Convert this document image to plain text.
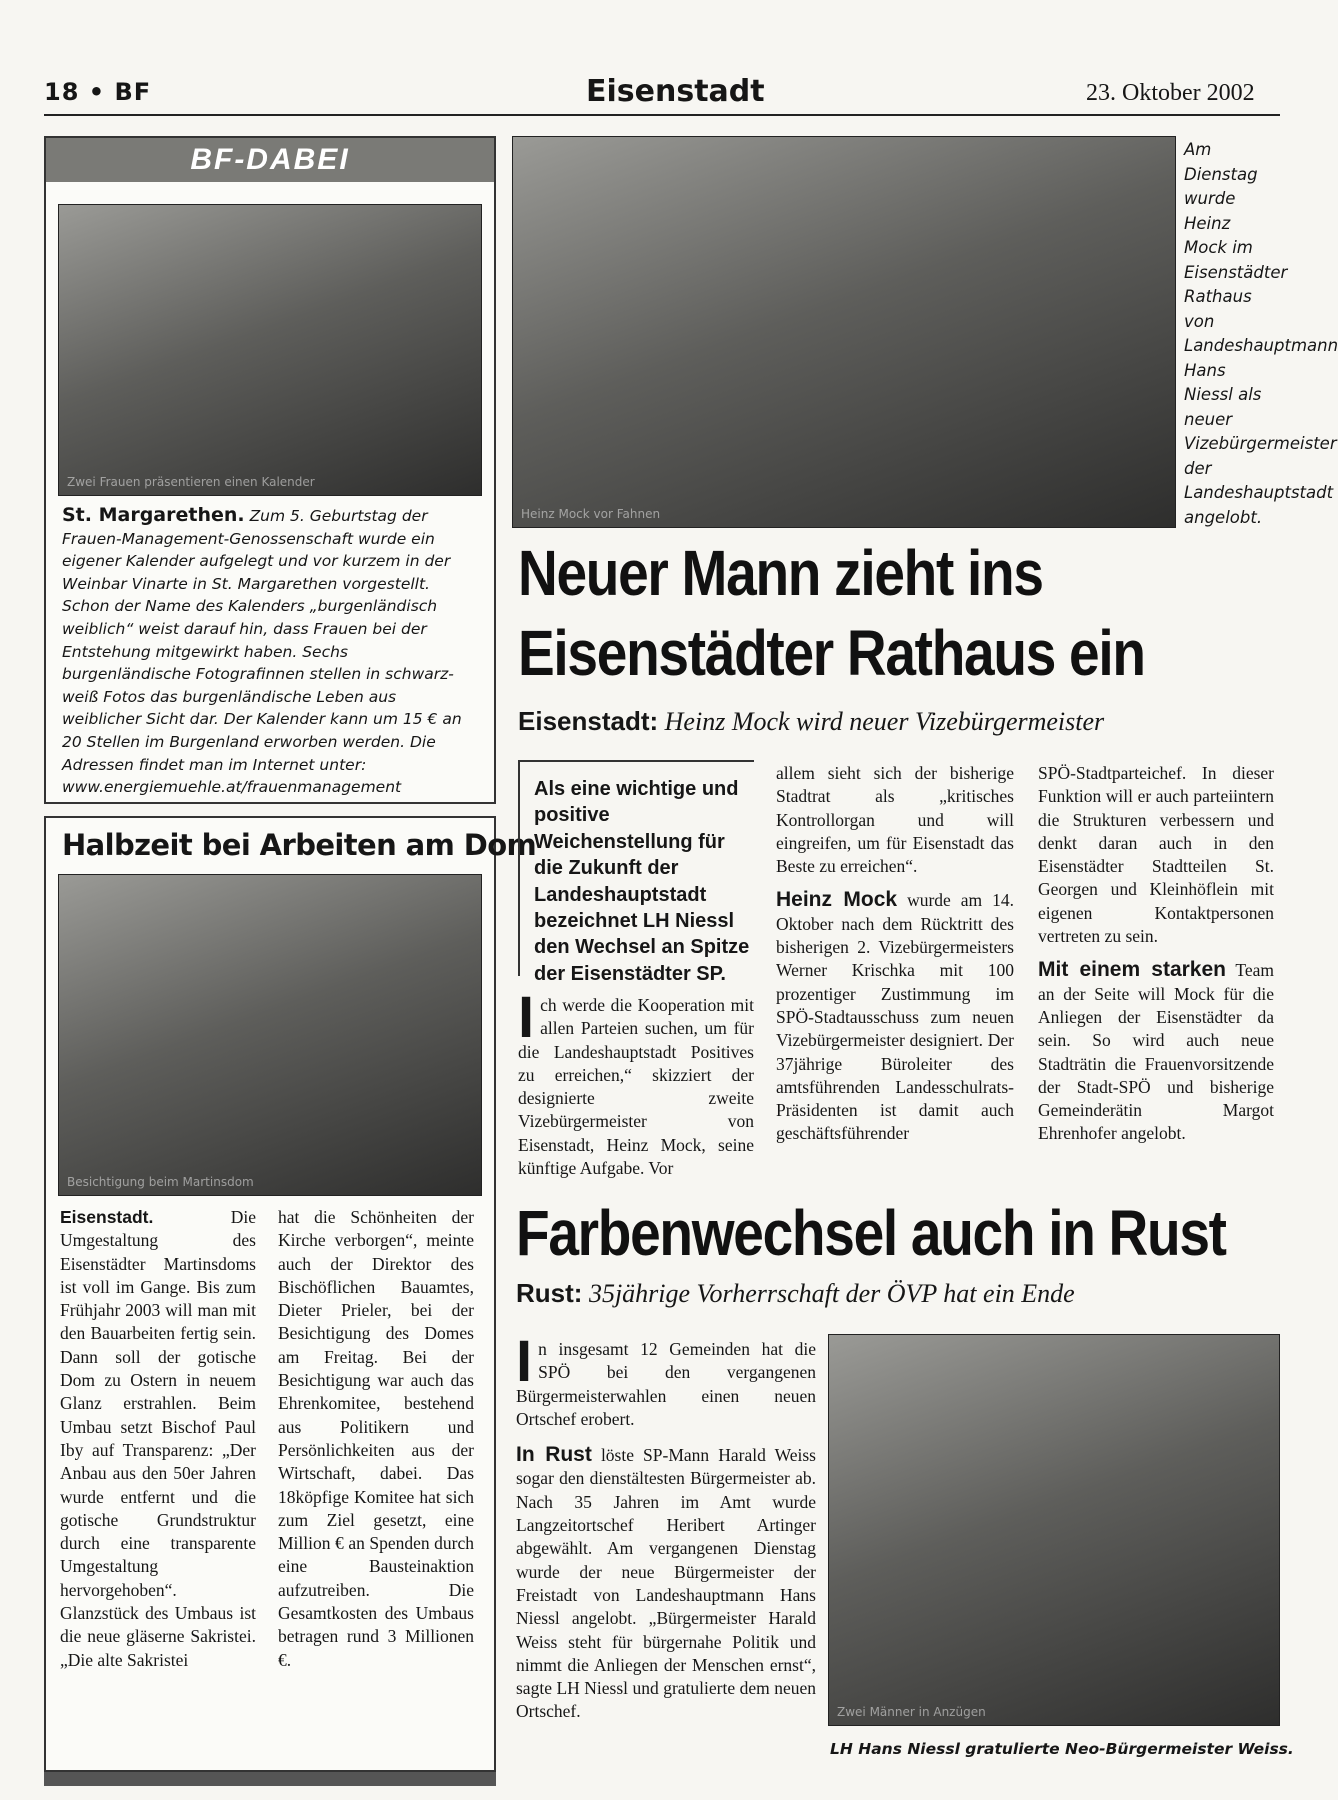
18 • BF	Eisenstadt	23. Oktober 2002
BF-DABEI
Zwei Frauen präsentieren einen Kalender
St. Margarethen. Zum 5. Geburtstag der Frauen-Management-Genossenschaft wurde ein eigener Kalender aufgelegt und vor kurzem in der Weinbar Vinarte in St. Margarethen vorgestellt. Schon der Name des Kalenders „burgenländisch weiblich“ weist darauf hin, dass Frauen bei der Entstehung mitgewirkt haben. Sechs burgenländische Fotografinnen stellen in schwarz-weiß Fotos das burgenländische Leben aus weiblicher Sicht dar. Der Kalender kann um 15 € an 20 Stellen im Burgenland erworben werden. Die Adressen findet man im Internet unter: www.energiemuehle.at/frauenmanagement
Halbzeit bei Arbeiten am Dom
Besichtigung beim Martinsdom
Eisenstadt.	Die Umgestaltung des Eisenstädter Martinsdoms ist voll im Gange. Bis zum Frühjahr 2003 will man mit den Bauarbeiten fertig sein. Dann soll der gotische Dom zu Ostern in neuem Glanz erstrahlen. Beim Umbau setzt Bischof Paul Iby auf Transparenz: „Der Anbau aus den 50er Jahren wurde entfernt und die gotische Grundstruktur durch eine transparente Umgestaltung hervorgehoben“. Glanzstück des Umbaus ist die neue gläserne Sakristei. „Die alte Sakristei
hat die Schönheiten der Kirche verborgen“, meinte auch der Direktor des Bischöflichen Bauamtes, Dieter Prieler, bei der Besichtigung des Domes am Freitag. Bei der Besichtigung war auch das Ehrenkomitee, bestehend aus Politikern und Persönlichkeiten aus der Wirtschaft, dabei. Das 18köpfige Komitee hat sich zum Ziel gesetzt, eine Million € an Spenden durch eine Bausteinaktion aufzutreiben. Die Gesamtkosten des Umbaus betragen rund 3 Millionen €.
Heinz Mock vor Fahnen
Am Dienstag wurde Heinz Mock im Eisenstädter Rathaus von Landeshauptmann Hans Niessl als neuer Vizebürgermeister der Landeshauptstadt angelobt.
Neuer Mann zieht ins
Eisenstädter Rathaus ein
Eisenstadt: Heinz Mock wird neuer Vizebürgermeister
Als eine wichtige und positive Weichenstellung für die Zukunft der Landeshauptstadt bezeichnet LH Niessl den Wechsel an Spitze der Eisenstädter SP.
I ch werde die Kooperation mit allen Parteien suchen, um für die Landeshauptstadt Positives zu erreichen,“ skizziert der designierte zweite Vizebürgermeister von Eisenstadt, Heinz Mock, seine künftige Aufgabe. Vor

allem sieht sich der bisherige Stadtrat als „kritisches Kontrollorgan und will eingreifen, um für Eisenstadt das Beste zu erreichen“.

Heinz Mock wurde am 14. Oktober nach dem Rücktritt des bisherigen 2. Vizebürgermeisters Werner Krischka mit 100 prozentiger Zustimmung im SPÖ-Stadtausschuss zum neuen Vizebürgermeister designiert. Der 37jährige Büroleiter des amtsführenden Landesschulrats-Präsidenten ist damit auch geschäftsführender

SPÖ-Stadtparteichef. In dieser Funktion will er auch parteiintern die Strukturen verbessern und denkt daran auch in den Eisenstädter Stadtteilen St. Georgen und Kleinhöflein mit eigenen Kontaktpersonen vertreten zu sein.

Mit einem starken Team an der Seite will Mock für die Anliegen der Eisenstädter da sein. So wird auch neue Stadträtin die Frauenvorsitzende der Stadt-SPÖ und bisherige Gemeinderätin Margot Ehrenhofer angelobt.

Farbenwechsel auch in Rust
Rust: 35jährige Vorherrschaft der ÖVP hat ein Ende

I n insgesamt 12 Gemeinden hat die SPÖ bei den vergangenen Bürgermeisterwahlen einen neuen Ortschef erobert.

In Rust löste SP-Mann Harald Weiss sogar den dienstältesten Bürgermeister ab. Nach 35 Jahren im Amt wurde Langzeitortschef Heribert Artinger abgewählt. Am vergangenen Dienstag wurde der neue Bürgermeister der Freistadt von Landeshauptmann Hans Niessl angelobt. „Bürgermeister Harald Weiss steht für bürgernahe Politik und nimmt die Anliegen der Menschen ernst“, sagte LH Niessl und gratulierte dem neuen Ortschef.	Zwei Männer in Anzügen
LH Hans Niessl gratulierte Neo-Bürgermeister Weiss.
